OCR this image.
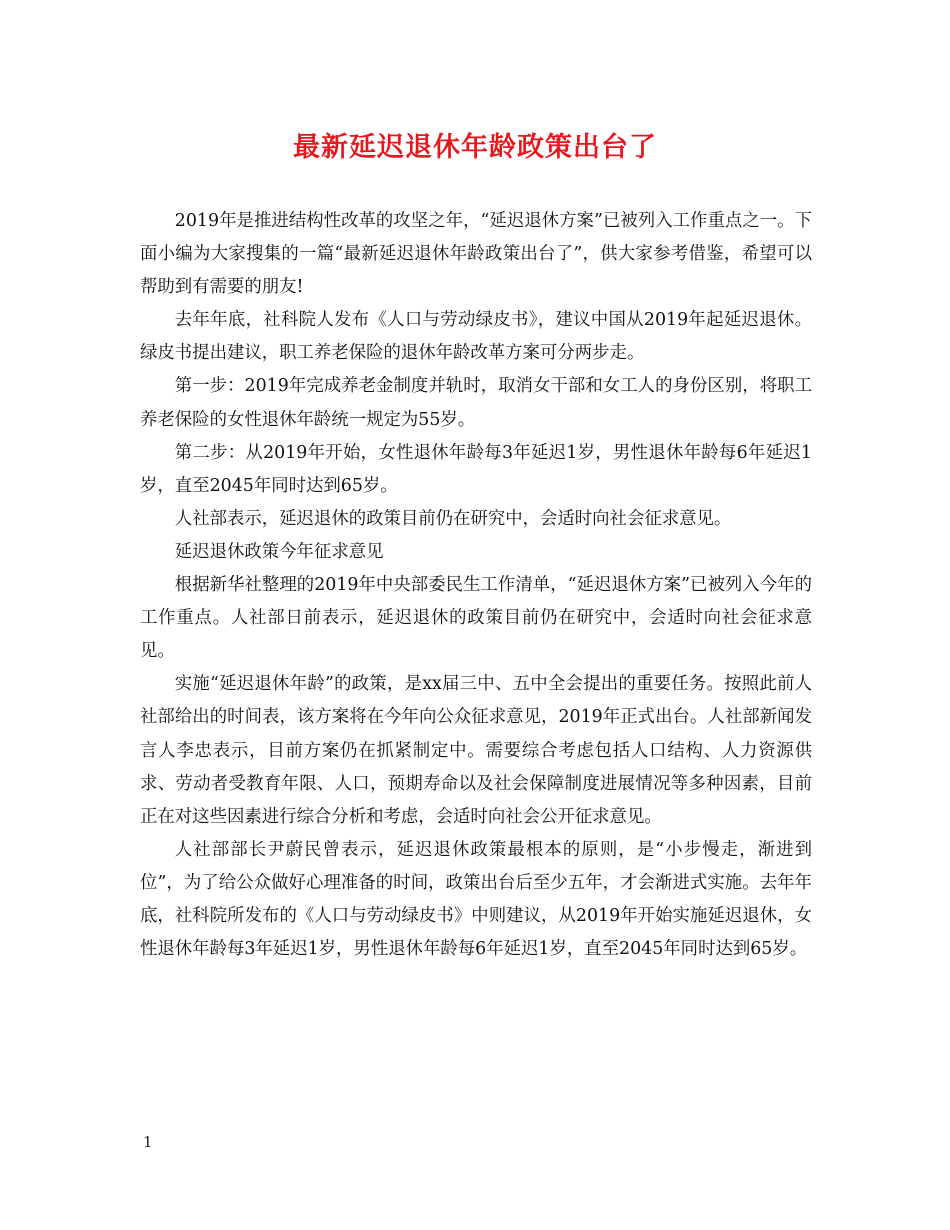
最新延迟退休年龄政策出台了

2019年是推进结构性改革的攻坚之年，“延迟退休方案”已被列入工作重点之一。下面小编为大家搜集的一篇“最新延迟退休年龄政策出台了”，供大家参考借鉴，希望可以帮助到有需要的朋友!

去年年底，社科院人发布《人口与劳动绿皮书》，建议中国从2019年起延迟退休。绿皮书提出建议，职工养老保险的退休年龄改革方案可分两步走。

第一步：2019年完成养老金制度并轨时，取消女干部和女工人的身份区别，将职工养老保险的女性退休年龄统一规定为55岁。

第二步：从2019年开始，女性退休年龄每3年延迟1岁，男性退休年龄每6年延迟1岁，直至2045年同时达到65岁。

人社部表示，延迟退休的政策目前仍在研究中，会适时向社会征求意见。

延迟退休政策今年征求意见

根据新华社整理的2019年中央部委民生工作清单，“延迟退休方案”已被列入今年的工作重点。人社部日前表示，延迟退休的政策目前仍在研究中，会适时向社会征求意见。

实施“延迟退休年龄”的政策，是xx届三中、五中全会提出的重要任务。按照此前人社部给出的时间表，该方案将在今年向公众征求意见，2019年正式出台。人社部新闻发言人李忠表示，目前方案仍在抓紧制定中。需要综合考虑包括人口结构、人力资源供求、劳动者受教育年限、人口，预期寿命以及社会保障制度进展情况等多种因素，目前正在对这些因素进行综合分析和考虑，会适时向社会公开征求意见。

人社部部长尹蔚民曾表示，延迟退休政策最根本的原则，是“小步慢走，渐进到位”，为了给公众做好心理准备的时间，政策出台后至少五年，才会渐进式实施。去年年底，社科院所发布的《人口与劳动绿皮书》中则建议，从2019年开始实施延迟退休，女性退休年龄每3年延迟1岁，男性退休年龄每6年延迟1岁，直至2045年同时达到65岁。

1
